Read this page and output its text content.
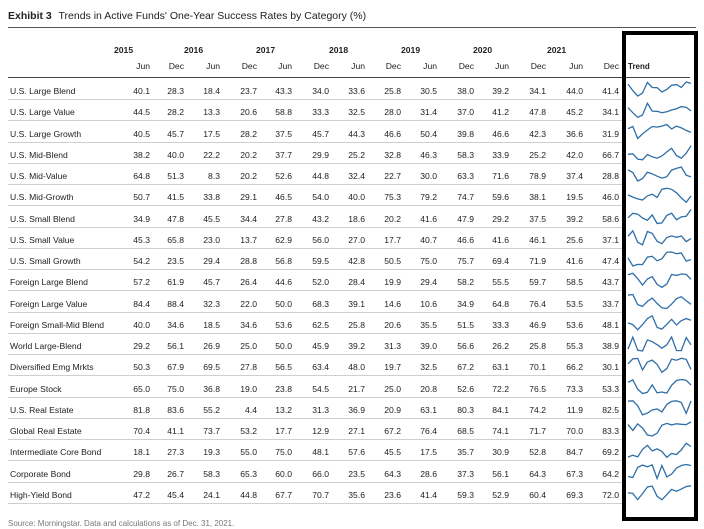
Exhibit 3 Trends in Active Funds' One-Year Success Rates by Category (%)
2015	2016	2017	2018	2019	2020	2021
Jun	Dec	Jun	Dec	Jun	Dec	Jun	Dec	Jun	Dec	Jun	Dec	Jun	Dec
U.S. Large Blend	40.1	28.3	18.4	23.7	43.3	34.0	33.6	25.8	30.5	38.0	39.2	34.1	44.0	41.4
U.S. Large Value	44.5	28.2	13.3	20.6	58.8	33.3	32.5	28.0	31.4	37.0	41.2	47.8	45.2	34.1
U.S. Large Growth	40.5	45.7	17.5	28.2	37.5	45.7	44.3	46.6	50.4	39.8	46.6	42.3	36.6	31.9
U.S. Mid-Blend	38.2	40.0	22.2	20.2	37.7	29.9	25.2	32.8	46.3	58.3	33.9	25.2	42.0	66.7
U.S. Mid-Value	64.8	51.3	8.3	20.2	52.6	44.8	32.4	22.7	30.0	63.3	71.6	78.9	37.4	28.8
U.S. Mid-Growth	50.7	41.5	33.8	29.1	46.5	54.0	40.0	75.3	79.2	74.7	59.6	38.1	19.5	46.0
U.S. Small Blend	34.9	47.8	45.5	34.4	27.8	43.2	18.6	20.2	41.6	47.9	29.2	37.5	39.2	58.6
U.S. Small Value	45.3	65.8	23.0	13.7	62.9	56.0	27.0	17.7	40.7	46.6	41.6	46.1	25.6	37.1
U.S. Small Growth	54.2	23.5	29.4	28.8	56.8	59.5	42.8	50.5	75.0	75.7	69.4	71.9	41.6	47.4
Foreign Large Blend	57.2	61.9	45.7	26.4	44.6	52.0	28.4	19.9	29.4	58.2	55.5	59.7	58.5	43.7
Foreign Large Value	84.4	88.4	32.3	22.0	50.0	68.3	39.1	14.6	10.6	34.9	64.8	76.4	53.5	33.7
Foreign Small-Mid Blend	40.0	34.6	18.5	34.6	53.6	62.5	25.8	20.6	35.5	51.5	33.3	46.9	53.6	48.1
World Large-Blend	29.2	56.1	26.9	25.0	50.0	45.9	39.2	31.3	39.0	56.6	26.2	25.8	55.3	38.9
Diversified Emg Mrkts	50.3	67.9	69.5	27.8	56.5	63.4	48.0	19.7	32.5	67.2	63.1	70.1	66.2	30.1
Europe Stock	65.0	75.0	36.8	19.0	23.8	54.5	21.7	25.0	20.8	52.6	72.2	76.5	73.3	53.3
U.S. Real Estate	81.8	83.6	55.2	4.4	13.2	31.3	36.9	20.9	63.1	80.3	84.1	74.2	11.9	82.5
Global Real Estate	70.4	41.1	73.7	53.2	17.7	12.9	27.1	67.2	76.4	68.5	74.1	71.7	70.0	83.3
Intermediate Core Bond	18.1	27.3	19.3	55.0	75.0	48.1	57.6	45.5	17.5	35.7	30.9	52.8	84.7	69.2
Corporate Bond	29.8	26.7	58.3	65.3	60.0	66.0	23.5	64.3	28.6	37.3	56.1	64.3	67.3	64.2
High-Yield Bond	47.2	45.4	24.1	44.8	67.7	70.7	35.6	23.6	41.4	59.3	52.9	60.4	69.3	72.0
Trend
Source: Morningstar. Data and calculations as of Dec. 31, 2021.
